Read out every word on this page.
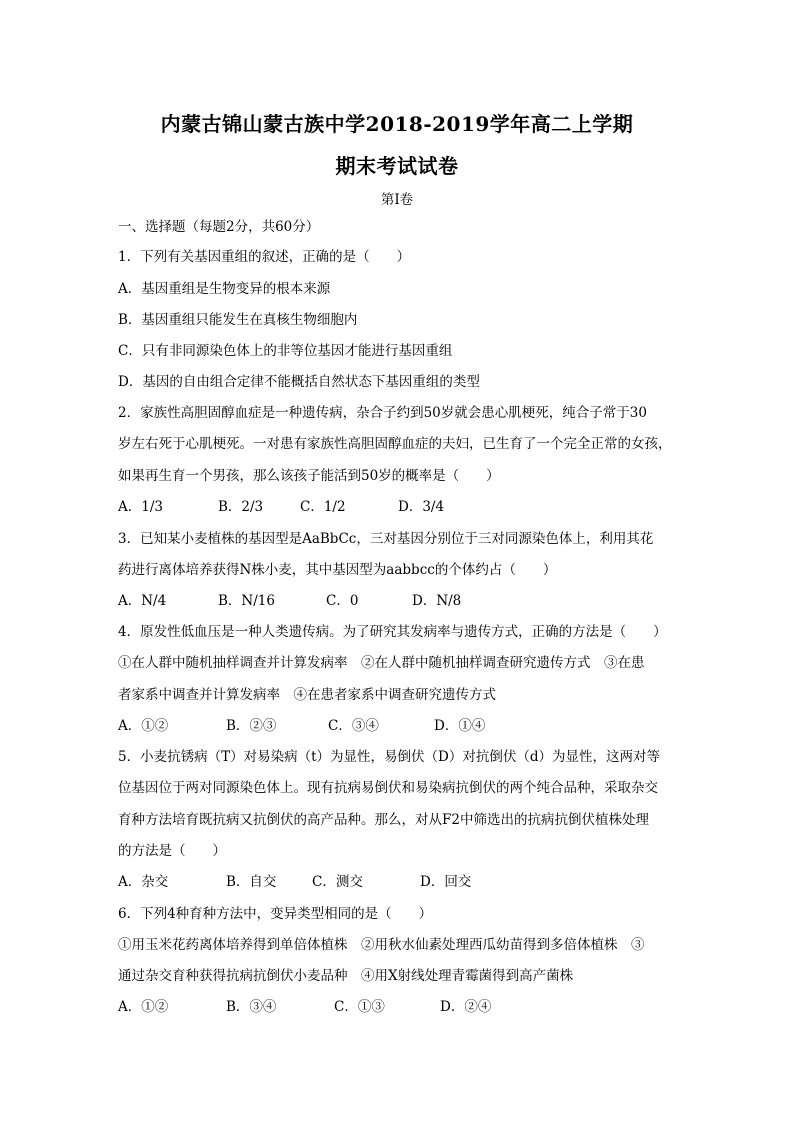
内蒙古锦山蒙古族中学2018-2019学年高二上学期
期末考试试卷
第Ⅰ卷
一、选择题（每题2分，共60分）
1．下列有关基因重组的叙述，正确的是（　　）
A．基因重组是生物变异的根本来源
B．基因重组只能发生在真核生物细胞内
C．只有非同源染色体上的非等位基因才能进行基因重组
D．基因的自由组合定律不能概括自然状态下基因重组的类型
2．家族性高胆固醇血症是一种遗传病，杂合子约到50岁就会患心肌梗死，纯合子常于30
岁左右死于心肌梗死。一对患有家族性高胆固醇血症的夫妇，已生育了一个完全正常的女孩，
如果再生育一个男孩，那么该孩子能活到50岁的概率是（　　）
A．1/3	B．2/3	C．1/2	D．3/4
3．已知某小麦植株的基因型是AaBbCc，三对基因分别位于三对同源染色体上，利用其花
药进行离体培养获得N株小麦，其中基因型为aabbcc的个体约占（　　）
A．N/4	B．N/16	C．0	D．N/8
4．原发性低血压是一种人类遗传病。为了研究其发病率与遗传方式，正确的方法是（　　）
①在人群中随机抽样调查并计算发病率　②在人群中随机抽样调查研究遗传方式　③在患
者家系中调查并计算发病率　④在患者家系中调查研究遗传方式
A．①②	B．②③	C．③④	D．①④
5．小麦抗锈病（T）对易染病（t）为显性，易倒伏（D）对抗倒伏（d）为显性，这两对等
位基因位于两对同源染色体上。现有抗病易倒伏和易染病抗倒伏的两个纯合品种，采取杂交
育种方法培育既抗病又抗倒伏的高产品种。那么，对从F2中筛选出的抗病抗倒伏植株处理
的方法是（　　）
A．杂交	B．自交	C．测交	D．回交
6．下列4种育种方法中，变异类型相同的是（　　）
①用玉米花药离体培养得到单倍体植株　②用秋水仙素处理西瓜幼苗得到多倍体植株　③
通过杂交育种获得抗病抗倒伏小麦品种　④用X射线处理青霉菌得到高产菌株
A．①②	B．③④	C．①③	D．②④
